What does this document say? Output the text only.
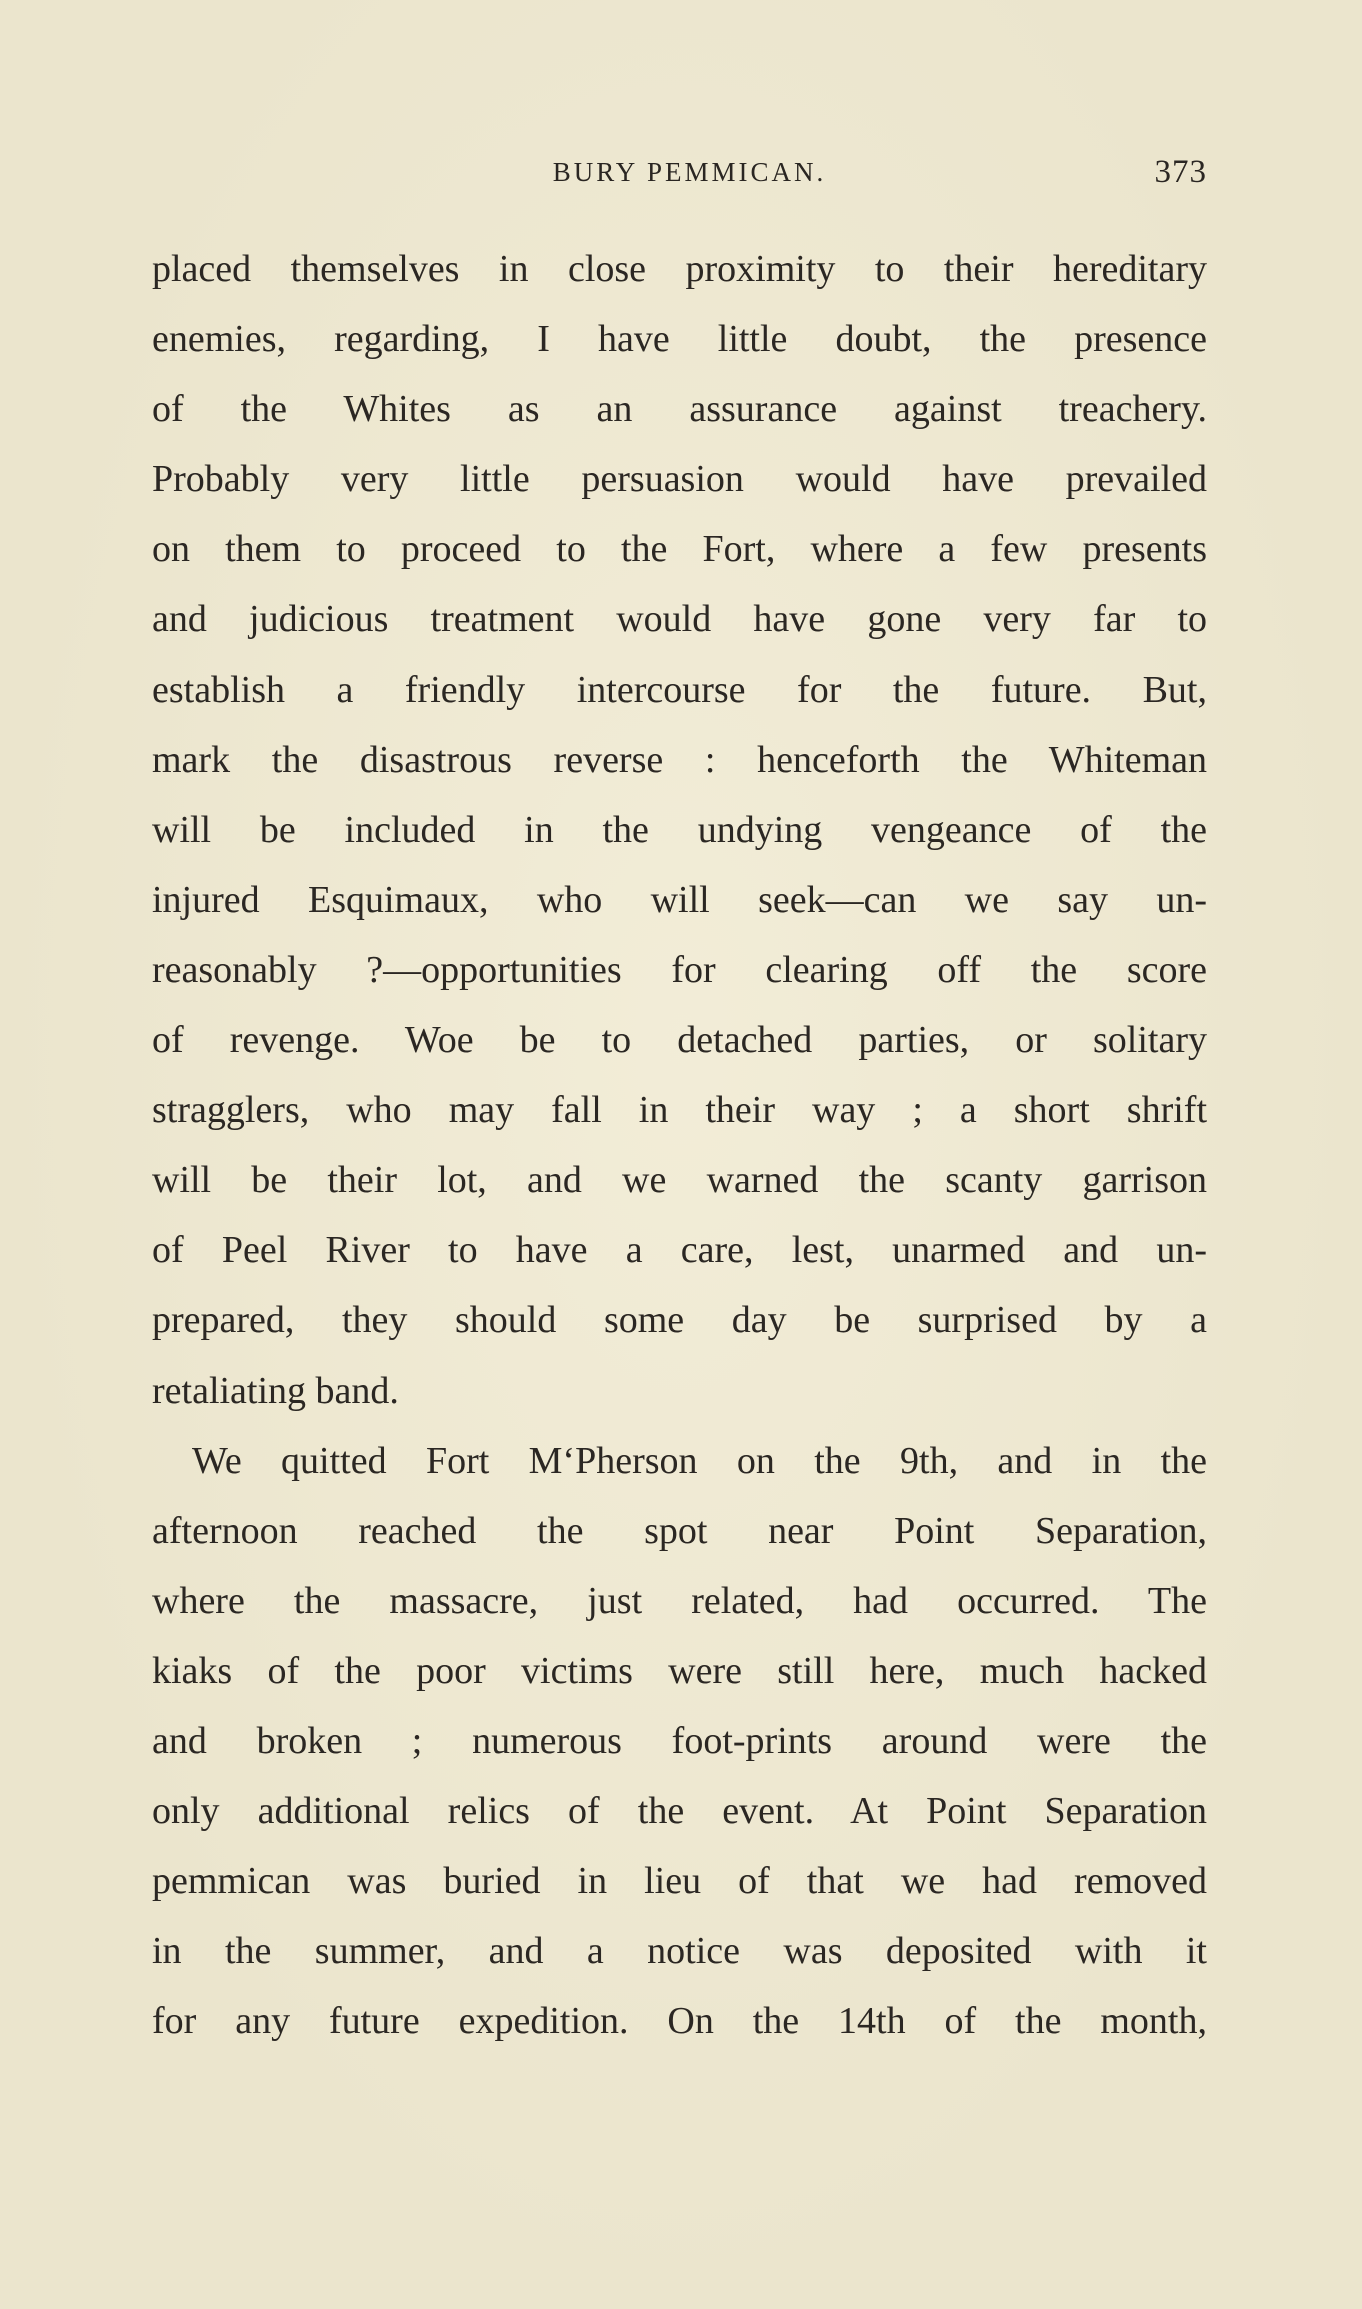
BURY PEMMICAN.	373
placed themselves in close proximity to their hereditary
enemies, regarding, I have little doubt, the presence
of the Whites as an assurance against treachery.
Probably very little persuasion would have prevailed
on them to proceed to the Fort, where a few presents
and judicious treatment would have gone very far to
establish a friendly intercourse for the future. But,
mark the disastrous reverse : henceforth the Whiteman
will be included in the undying vengeance of the
injured Esquimaux, who will seek—can we say un-
reasonably ?—opportunities for clearing off the score
of revenge. Woe be to detached parties, or solitary
stragglers, who may fall in their way ; a short shrift
will be their lot, and we warned the scanty garrison
of Peel River to have a care, lest, unarmed and un-
prepared, they should some day be surprised by a
retaliating band.
We quitted Fort M‘Pherson on the 9th, and in the
afternoon reached the spot near Point Separation,
where the massacre, just related, had occurred. The
kiaks of the poor victims were still here, much hacked
and broken ; numerous foot-prints around were the
only additional relics of the event. At Point Separation
pemmican was buried in lieu of that we had removed
in the summer, and a notice was deposited with it
for any future expedition. On the 14th of the month,
